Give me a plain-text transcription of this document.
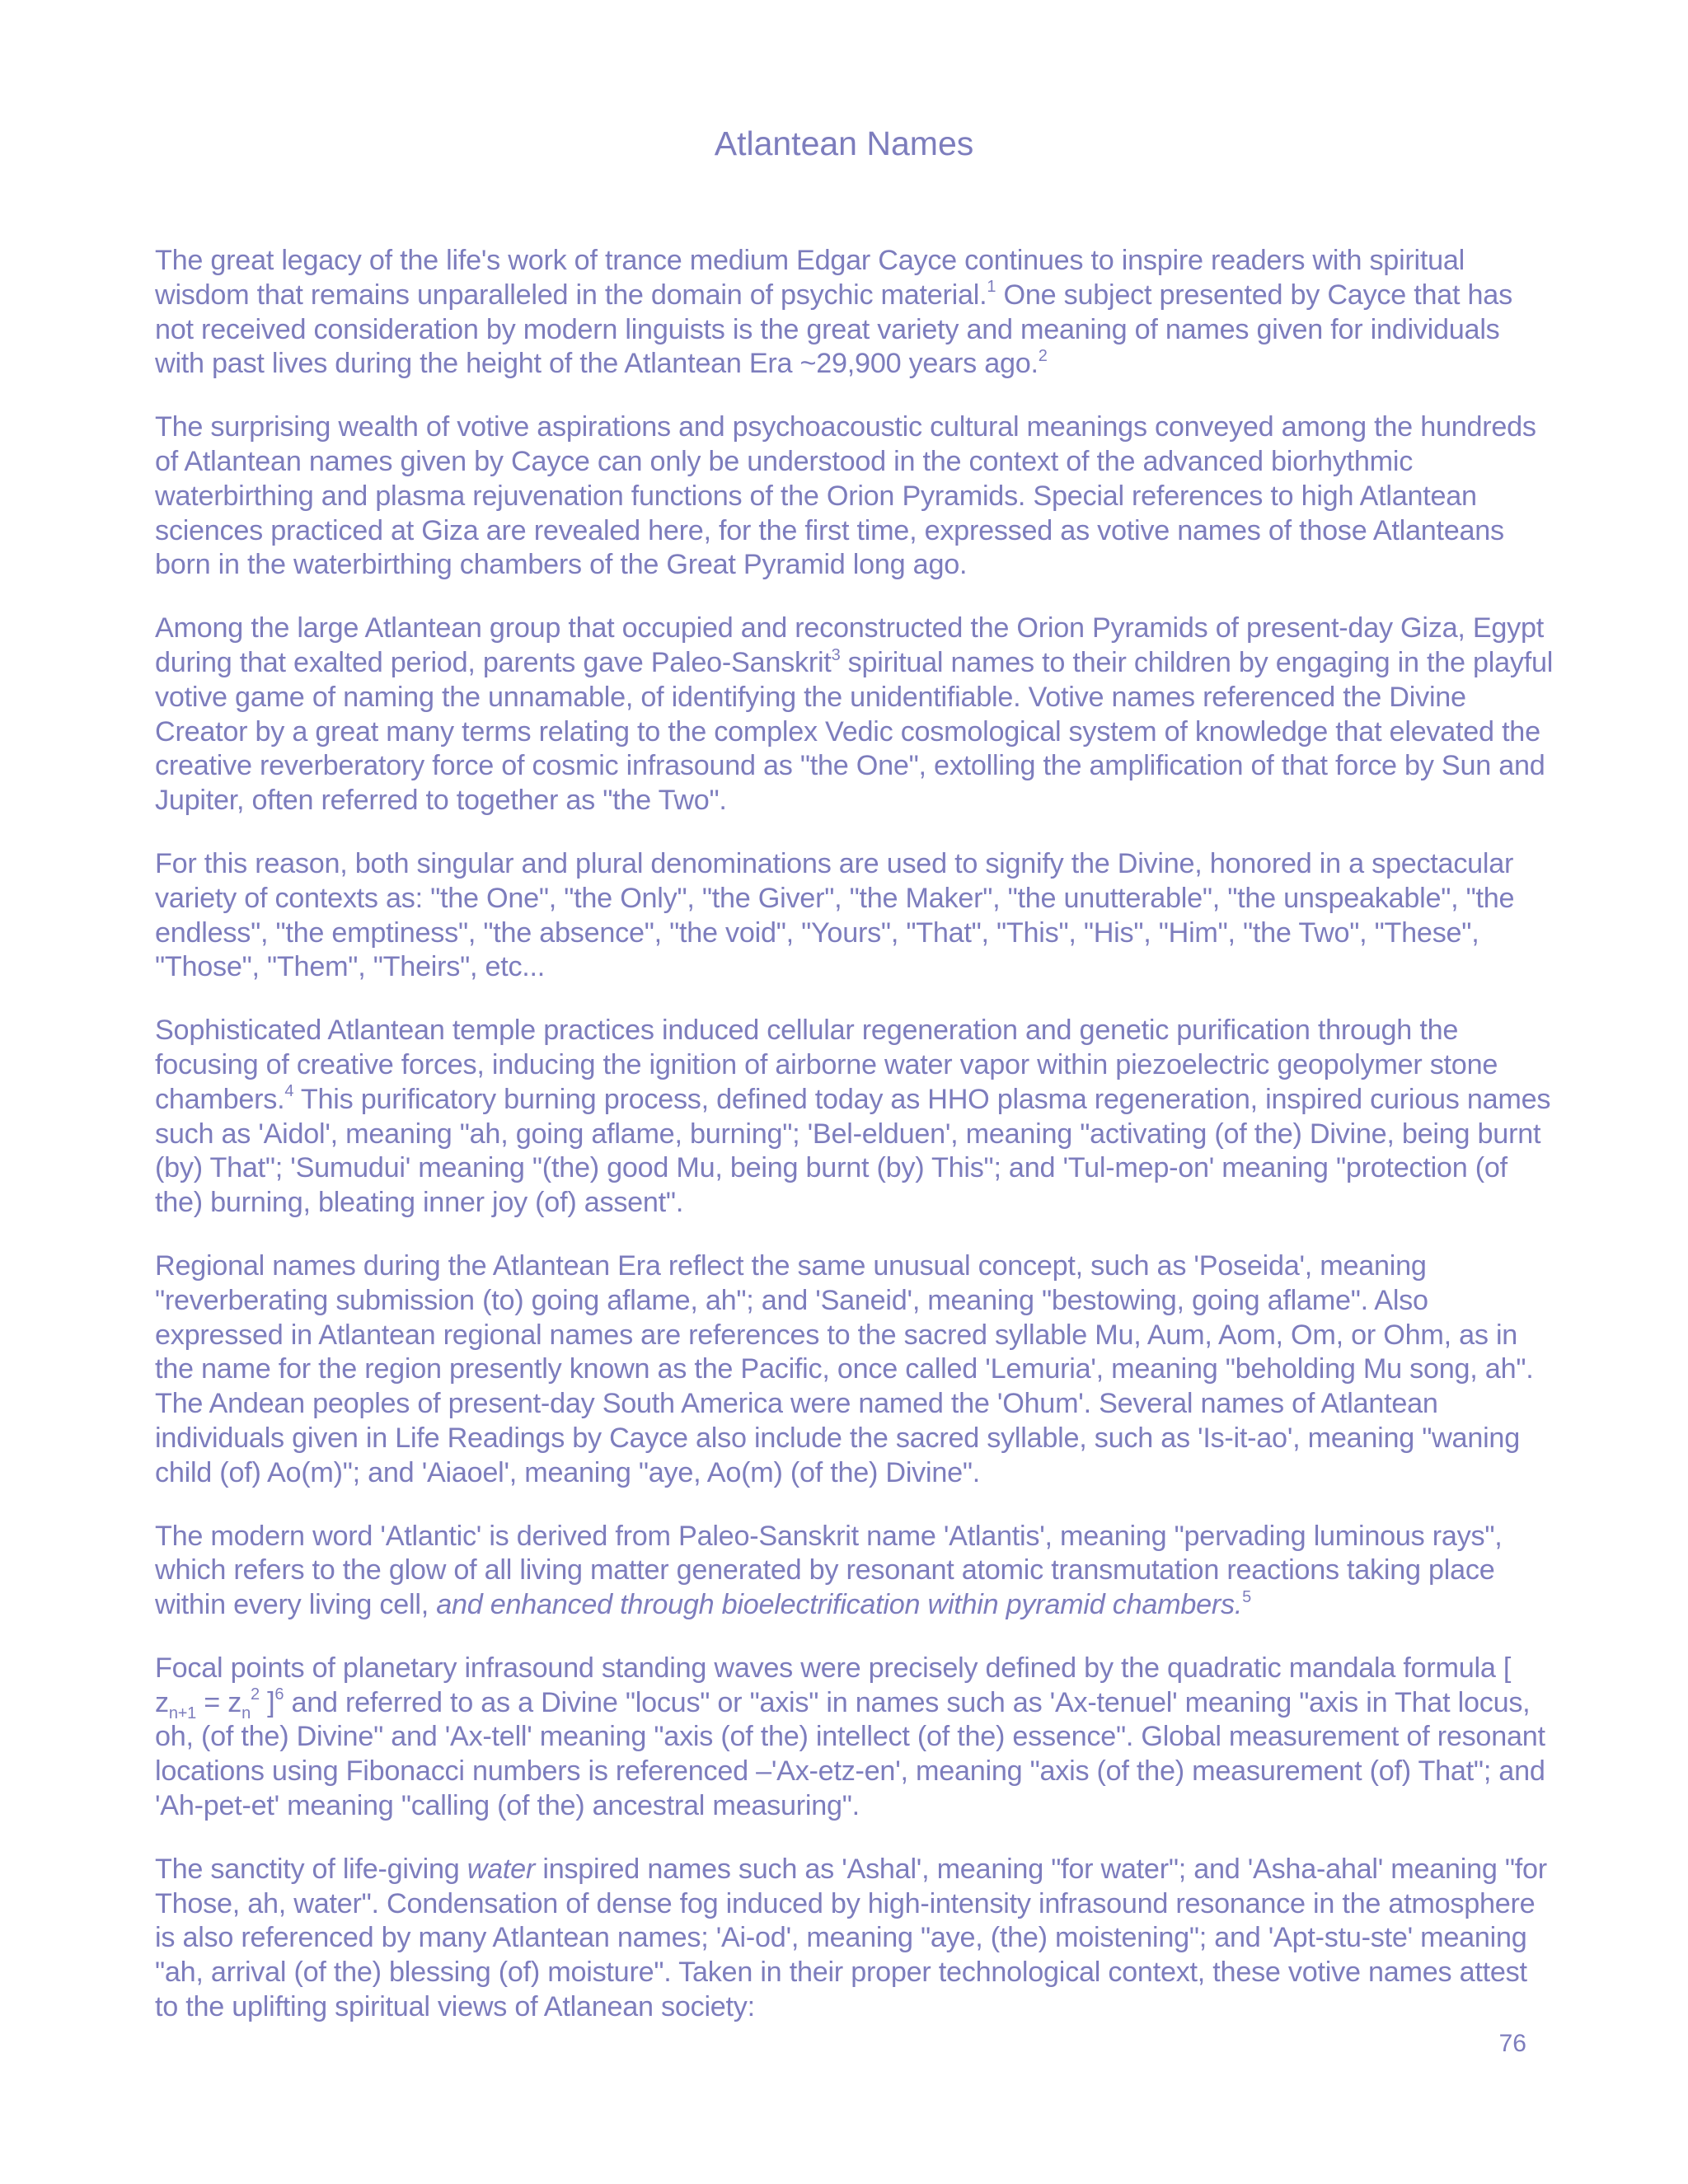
Atlantean Names

The great legacy of the life's work of trance medium Edgar Cayce continues to inspire readers with spiritual wisdom that remains unparalleled in the domain of psychic material.$^1$ One subject presented by Cayce that has not received consideration by modern linguists is the great variety and meaning of names given for individuals with past lives during the height of the Atlantean Era ~29,900 years ago.$^2$

The surprising wealth of votive aspirations and psychoacoustic cultural meanings conveyed among the hundreds of Atlantean names given by Cayce can only be understood in the context of the advanced biorhythmic waterbirthing and plasma rejuvenation functions of the Orion Pyramids. Special references to high Atlantean sciences practiced at Giza are revealed here, for the first time, expressed as votive names of those Atlanteans born in the waterbirthing chambers of the Great Pyramid long ago.

Among the large Atlantean group that occupied and reconstructed the Orion Pyramids of present-day Giza, Egypt during that exalted period, parents gave Paleo-Sanskrit$^3$ spiritual names to their children by engaging in the playful votive game of naming the unnamable, of identifying the unidentifiable. Votive names referenced the Divine Creator by a great many terms relating to the complex Vedic cosmological system of knowledge that elevated the creative reverberatory force of cosmic infrasound as "the One", extolling the amplification of that force by Sun and Jupiter, often referred to together as "the Two".

For this reason, both singular and plural denominations are used to signify the Divine, honored in a spectacular variety of contexts as: "the One", "the Only", "the Giver", "the Maker", "the unutterable", "the unspeakable", "the endless", "the emptiness", "the absence", "the void", "Yours", "That", "This", "His", "Him", "the Two", "These", "Those", "Them", "Theirs", etc...

Sophisticated Atlantean temple practices induced cellular regeneration and genetic purification through the focusing of creative forces, inducing the ignition of airborne water vapor within piezoelectric geopolymer stone chambers.$^4$ This purificatory burning process, defined today as HHO plasma regeneration, inspired curious names such as 'Aidol', meaning "ah, going aflame, burning"; 'Bel-elduen', meaning "activating (of the) Divine, being burnt (by) That"; 'Sumudui' meaning "(the) good Mu, being burnt (by) This"; and 'Tul-mep-on' meaning "protection (of the) burning, bleating inner joy (of) assent".

Regional names during the Atlantean Era reflect the same unusual concept, such as 'Poseida', meaning "reverberating submission (to) going aflame, ah"; and 'Saneid', meaning "bestowing, going aflame". Also expressed in Atlantean regional names are references to the sacred syllable Mu, Aum, Aom, Om, or Ohm, as in the name for the region presently known as the Pacific, once called 'Lemuria', meaning "beholding Mu song, ah". The Andean peoples of present-day South America were named the 'Ohum'. Several names of Atlantean individuals given in Life Readings by Cayce also include the sacred syllable, such as 'Is-it-ao', meaning "waning child (of) Ao(m)"; and 'Aiaoel', meaning "aye, Ao(m) (of the) Divine".

The modern word 'Atlantic' is derived from Paleo-Sanskrit name 'Atlantis', meaning "pervading luminous rays", which refers to the glow of all living matter generated by resonant atomic transmutation reactions taking place within every living cell, and enhanced through bioelectrification within pyramid chambers.$^5$

Focal points of planetary infrasound standing waves were precisely defined by the quadratic mandala formula [ $z_{n+1} = z_n^2$ ]$^6$ and referred to as a Divine "locus" or "axis" in names such as 'Ax-tenuel' meaning "axis in That locus, oh, (of the) Divine" and 'Ax-tell' meaning "axis (of the) intellect (of the) essence". Global measurement of resonant locations using Fibonacci numbers is referenced –'Ax-etz-en', meaning "axis (of the) measurement (of) That"; and 'Ah-pet-et' meaning "calling (of the) ancestral measuring".

The sanctity of life-giving water inspired names such as 'Ashal', meaning "for water"; and 'Asha-ahal' meaning "for Those, ah, water". Condensation of dense fog induced by high-intensity infrasound resonance in the atmosphere is also referenced by many Atlantean names; 'Ai-od', meaning "aye, (the) moistening"; and 'Apt-stu-ste' meaning "ah, arrival (of the) blessing (of) moisture". Taken in their proper technological context, these votive names attest to the uplifting spiritual views of Atlanean society:

76
